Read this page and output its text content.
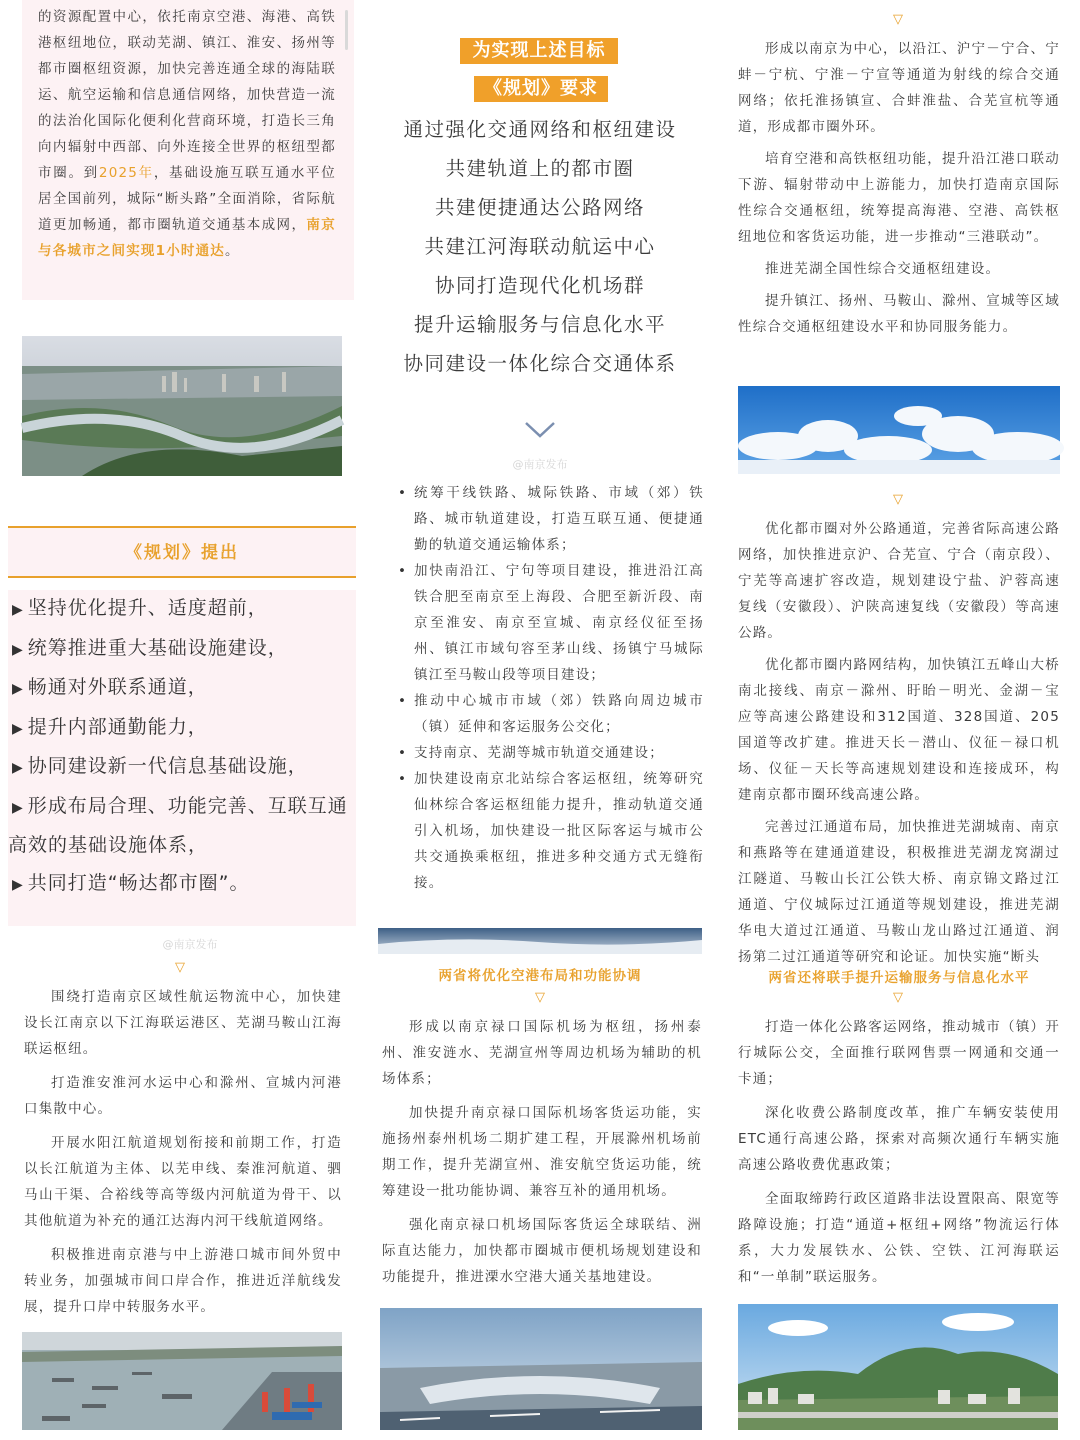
的资源配置中心，依托南京空港、海港、高铁港枢纽地位，联动芜湖、镇江、淮安、扬州等都市圈枢纽资源，加快完善连通全球的海陆联运、航空运输和信息通信网络，加快营造一流的法治化国际化便利化营商环境，打造长三角向内辐射中西部、向外连接全世界的枢纽型都市圈。到2025年，基础设施互联互通水平位居全国前列，城际“断头路”全面消除，省际航道更加畅通，都市圈轨道交通基本成网，南京与各城市之间实现1小时通达。

《规划》提出
▶ 坚持优化提升、适度超前，
▶ 统筹推进重大基础设施建设，
▶ 畅通对外联系通道，
▶ 提升内部通勤能力，
▶ 协同建设新一代信息基础设施，
▶ 形成布局合理、功能完善、互联互通
高效的基础设施体系，
▶ 共同打造“畅达都市圈”。
@南京发布
▽

围绕打造南京区域性航运物流中心，加快建设长江南京以下江海联运港区、芜湖马鞍山江海联运枢纽。

打造淮安淮河水运中心和滁州、宣城内河港口集散中心。

开展水阳江航道规划衔接和前期工作，打造以长江航道为主体、以芜申线、秦淮河航道、驷马山干渠、合裕线等高等级内河航道为骨干、以其他航道为补充的通江达海内河干线航道网络。

积极推进南京港与中上游港口城市间外贸中转业务，加强城市间口岸合作，推进近洋航线发展，提升口岸中转服务水平。

为实现上述目标
《规划》要求
通过强化交通网络和枢纽建设
共建轨道上的都市圈
共建便捷通达公路网络
共建江河海联动航运中心
协同打造现代化机场群
提升运输服务与信息化水平
协同建设一体化综合交通体系
@南京发布

• 统筹干线铁路、城际铁路、市域（郊）铁路、城市轨道建设，打造互联互通、便捷通勤的轨道交通运输体系；

• 加快南沿江、宁句等项目建设，推进沿江高铁合肥至南京至上海段、合肥至新沂段、南京至淮安、南京至宣城、南京经仪征至扬州、镇江市域句容至茅山线、扬镇宁马城际镇江至马鞍山段等项目建设；

• 推动中心城市市域（郊）铁路向周边城市（镇）延伸和客运服务公交化；

• 支持南京、芜湖等城市轨道交通建设；

• 加快建设南京北站综合客运枢纽，统筹研究仙林综合客运枢纽能力提升，推动轨道交通引入机场，加快建设一批区际客运与城市公共交通换乘枢纽，推进多种交通方式无缝衔接。

两省将优化空港布局和功能协调
▽

形成以南京禄口国际机场为枢纽，扬州泰州、淮安涟水、芜湖宣州等周边机场为辅助的机场体系；

加快提升南京禄口国际机场客货运功能，实施扬州泰州机场二期扩建工程，开展滁州机场前期工作，提升芜湖宣州、淮安航空货运功能，统筹建设一批功能协调、兼容互补的通用机场。

强化南京禄口机场国际客货运全球联结、洲际直达能力，加快都市圈城市便机场规划建设和功能提升，推进溧水空港大通关基地建设。

▽

形成以南京为中心，以沿江、沪宁－宁合、宁蚌－宁杭、宁淮－宁宣等通道为射线的综合交通网络；依托淮扬镇宣、合蚌淮盐、合芜宣杭等通道，形成都市圈外环。

培育空港和高铁枢纽功能，提升沿江港口联动下游、辐射带动中上游能力，加快打造南京国际性综合交通枢纽，统筹提高海港、空港、高铁枢纽地位和客货运功能，进一步推动“三港联动”。

推进芜湖全国性综合交通枢纽建设。

提升镇江、扬州、马鞍山、滁州、宣城等区域性综合交通枢纽建设水平和协同服务能力。

▽

优化都市圈对外公路通道，完善省际高速公路网络，加快推进京沪、合芜宣、宁合（南京段）、宁芜等高速扩容改造，规划建设宁盐、沪蓉高速复线（安徽段）、沪陕高速复线（安徽段）等高速公路。

优化都市圈内路网结构，加快镇江五峰山大桥南北接线、南京－滁州、盱眙－明光、金湖－宝应等高速公路建设和312国道、328国道、205国道等改扩建。推进天长－潜山、仪征－禄口机场、仪征－天长等高速规划建设和连接成环，构建南京都市圈环线高速公路。

完善过江通道布局，加快推进芜湖城南、南京和燕路等在建通道建设，积极推进芜湖龙窝湖过江隧道、马鞍山长江公铁大桥、南京锦文路过江通道、宁仪城际过江通道等规划建设，推进芜湖华电大道过江通道、马鞍山龙山路过江通道、润扬第二过江通道等研究和论证。加快实施“断头

两省还将联手提升运输服务与信息化水平
▽

打造一体化公路客运网络，推动城市（镇）开行城际公交，全面推行联网售票一网通和交通一卡通；

深化收费公路制度改革，推广车辆安装使用ETC通行高速公路，探索对高频次通行车辆实施高速公路收费优惠政策；

全面取缔跨行政区道路非法设置限高、限宽等路障设施；打造“通道+枢纽+网络”物流运行体系，大力发展铁水、公铁、空铁、江河海联运和“一单制”联运服务。
